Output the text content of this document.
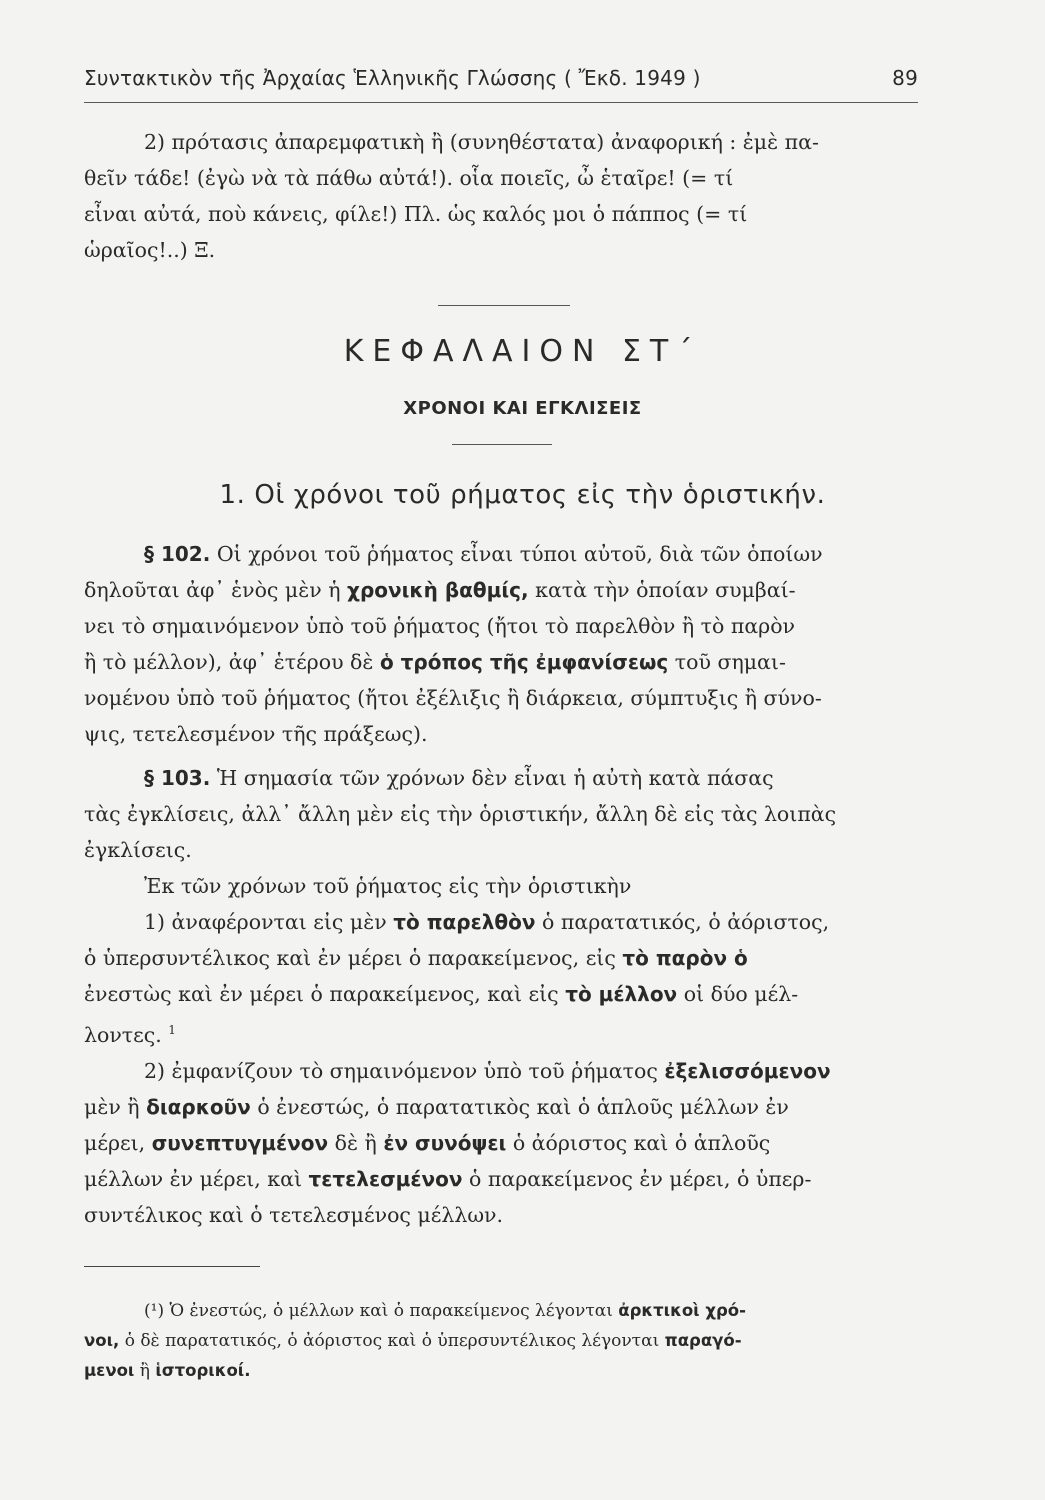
Συντακτικὸν τῆς Ἀρχαίας Ἑλληνικῆς Γλώσσης ( Ἔκδ. 1949 )	89
2) πρότασις ἀπαρεμφατικὴ ἢ (συνηθέστατα) ἀναφορική : ἐμὲ πα-
θεῖν τάδε! (ἐγὼ νὰ τὰ πάθω αὐτά!). οἷα ποιεῖς, ὦ ἑταῖρε! (= τί
εἶναι αὐτά, ποὺ κάνεις, φίλε!) Πλ. ὡς καλός μοι ὁ πάππος (= τί
ὡραῖος!..) Ξ.
ΚΕΦΑΛΑΙΟΝ ΣΤ΄
ΧΡΟΝΟΙ ΚΑΙ ΕΓΚΛΙΣΕΙΣ
1. Οἱ χρόνοι τοῦ ρήματος εἰς τὴν ὁριστικήν.
§ 102. Οἱ χρόνοι τοῦ ῥήματος εἶναι τύποι αὐτοῦ, διὰ τῶν ὁποίων
δηλοῦται ἀφ᾿ ἑνὸς μὲν ἡ χρονικὴ βαθμίς, κατὰ τὴν ὁποίαν συμβαί-
νει τὸ σημαινόμενον ὑπὸ τοῦ ῥήματος (ἤτοι τὸ παρελθὸν ἢ τὸ παρὸν
ἢ τὸ μέλλον), ἀφ᾿ ἑτέρου δὲ ὁ τρόπος τῆς ἐμφανίσεως τοῦ σημαι-
νομένου ὑπὸ τοῦ ῥήματος (ἤτοι ἐξέλιξις ἢ διάρκεια, σύμπτυξις ἢ σύνο-
ψις, τετελεσμένον τῆς πράξεως).
§ 103. Ἡ σημασία τῶν χρόνων δὲν εἶναι ἡ αὐτὴ κατὰ πάσας
τὰς ἐγκλίσεις, ἀλλ᾿ ἄλλη μὲν εἰς τὴν ὁριστικήν, ἄλλη δὲ εἰς τὰς λοιπὰς
ἐγκλίσεις.
Ἐκ τῶν χρόνων τοῦ ῥήματος εἰς τὴν ὁριστικὴν
1) ἀναφέρονται εἰς μὲν τὸ παρελθὸν ὁ παρατατικός, ὁ ἀόριστος,
ὁ ὑπερσυντέλικος καὶ ἐν μέρει ὁ παρακείμενος, εἰς τὸ παρὸν ὁ
ἐνεστὼς καὶ ἐν μέρει ὁ παρακείμενος, καὶ εἰς τὸ μέλλον οἱ δύο μέλ-
λοντες. $^1$
2) ἐμφανίζουν τὸ σημαινόμενον ὑπὸ τοῦ ῥήματος ἐξελισσόμενον
μὲν ἢ διαρκοῦν ὁ ἐνεστώς, ὁ παρατατικὸς καὶ ὁ ἁπλοῦς μέλλων ἐν
μέρει, συνεπτυγμένον δὲ ἢ ἐν συνόψει ὁ ἀόριστος καὶ ὁ ἁπλοῦς
μέλλων ἐν μέρει, καὶ τετελεσμένον ὁ παρακείμενος ἐν μέρει, ὁ ὑπερ-
συντέλικος καὶ ὁ τετελεσμένος μέλλων.
(¹) Ὁ ἐνεστώς, ὁ μέλλων καὶ ὁ παρακείμενος λέγονται ἀρκτικοὶ χρό-
νοι, ὁ δὲ παρατατικός, ὁ ἀόριστος καὶ ὁ ὑπερσυντέλικος λέγονται παραγό-
μενοι ἢ ἱστορικοί.
